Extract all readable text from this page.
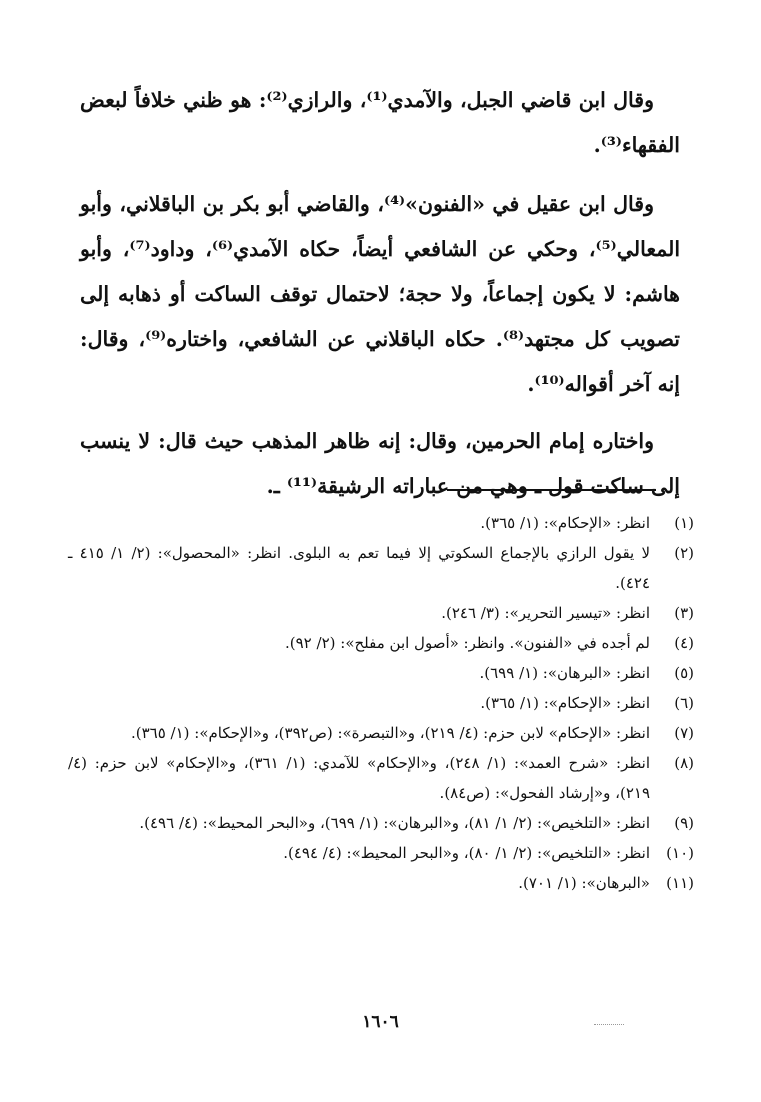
وقال ابن قاضي الجبل، والآمدي⁽¹⁾، والرازي⁽²⁾: هو ظني خلافاً لبعض الفقهاء⁽³⁾.

وقال ابن عقيل في «الفنون»⁽⁴⁾، والقاضي أبو بكر بن الباقلاني، وأبو المعالي⁽⁵⁾، وحكي عن الشافعي أيضاً، حكاه الآمدي⁽⁶⁾، وداود⁽⁷⁾، وأبو هاشم: لا يكون إجماعاً، ولا حجة؛ لاحتمال توقف الساكت أو ذهابه إلى تصويب كل مجتهد⁽⁸⁾. حكاه الباقلاني عن الشافعي، واختاره⁽⁹⁾، وقال: إنه آخر أقواله⁽¹⁰⁾.

واختاره إمام الحرمين، وقال: إنه ظاهر المذهب حيث قال: لا ينسب إلى ساكت قول ـ وهي من عباراته الرشيقة⁽¹¹⁾ ـ.

(١)
انظر: «الإحكام»: (١/ ٣٦٥).
(٢)
لا يقول الرازي بالإجماع السكوتي إلا فيما تعم به البلوى. انظر: «المحصول»: (٢/ ١/ ٤١٥ ـ ٤٢٤).
(٣)
انظر: «تيسير التحرير»: (٣/ ٢٤٦).
(٤)
لم أجده في «الفنون». وانظر: «أصول ابن مفلح»: (٢/ ٩٢).
(٥)
انظر: «البرهان»: (١/ ٦٩٩).
(٦)
انظر: «الإحكام»: (١/ ٣٦٥).
(٧)
انظر: «الإحكام» لابن حزم: (٤/ ٢١٩)، و«التبصرة»: (ص٣٩٢)، و«الإحكام»: (١/ ٣٦٥).
(٨)
انظر: «شرح العمد»: (١/ ٢٤٨)، و«الإحكام» للآمدي: (١/ ٣٦١)، و«الإحكام» لابن حزم: (٤/ ٢١٩)، و«إرشاد الفحول»: (ص٨٤).
(٩)
انظر: «التلخيص»: (٢/ ١/ ٨١)، و«البرهان»: (١/ ٦٩٩)، و«البحر المحيط»: (٤/ ٤٩٦).
(١٠)
انظر: «التلخيص»: (٢/ ١/ ٨٠)، و«البحر المحيط»: (٤/ ٤٩٤).
(١١)
«البرهان»: (١/ ٧٠١).
١٦٠٦
